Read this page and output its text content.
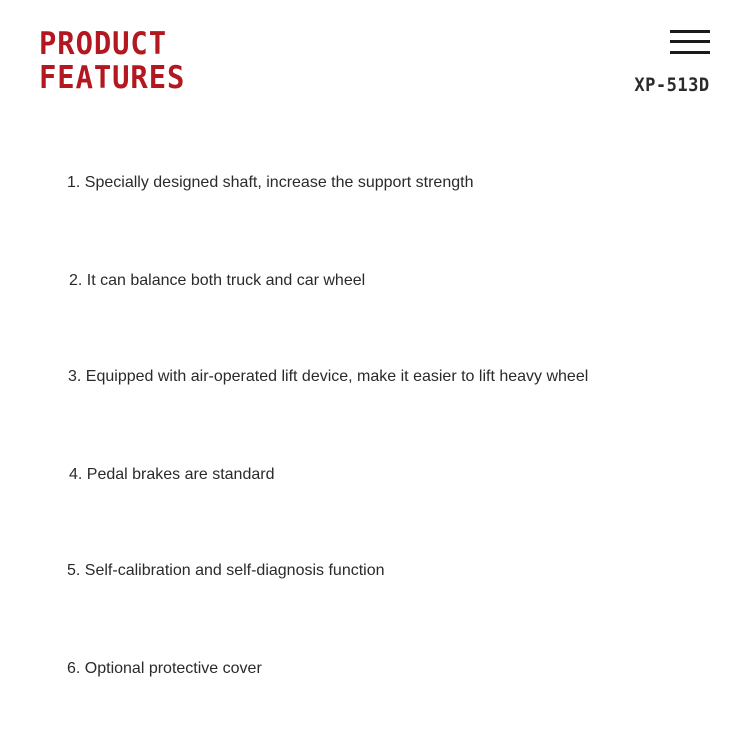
PRODUCT
FEATURES	XP-513D
1. Specially designed shaft, increase the support strength
2. It can balance both truck and car wheel
3. Equipped with air-operated lift device, make it easier to lift heavy wheel
4. Pedal brakes are standard
5. Self-calibration and self-diagnosis function
6. Optional protective cover
